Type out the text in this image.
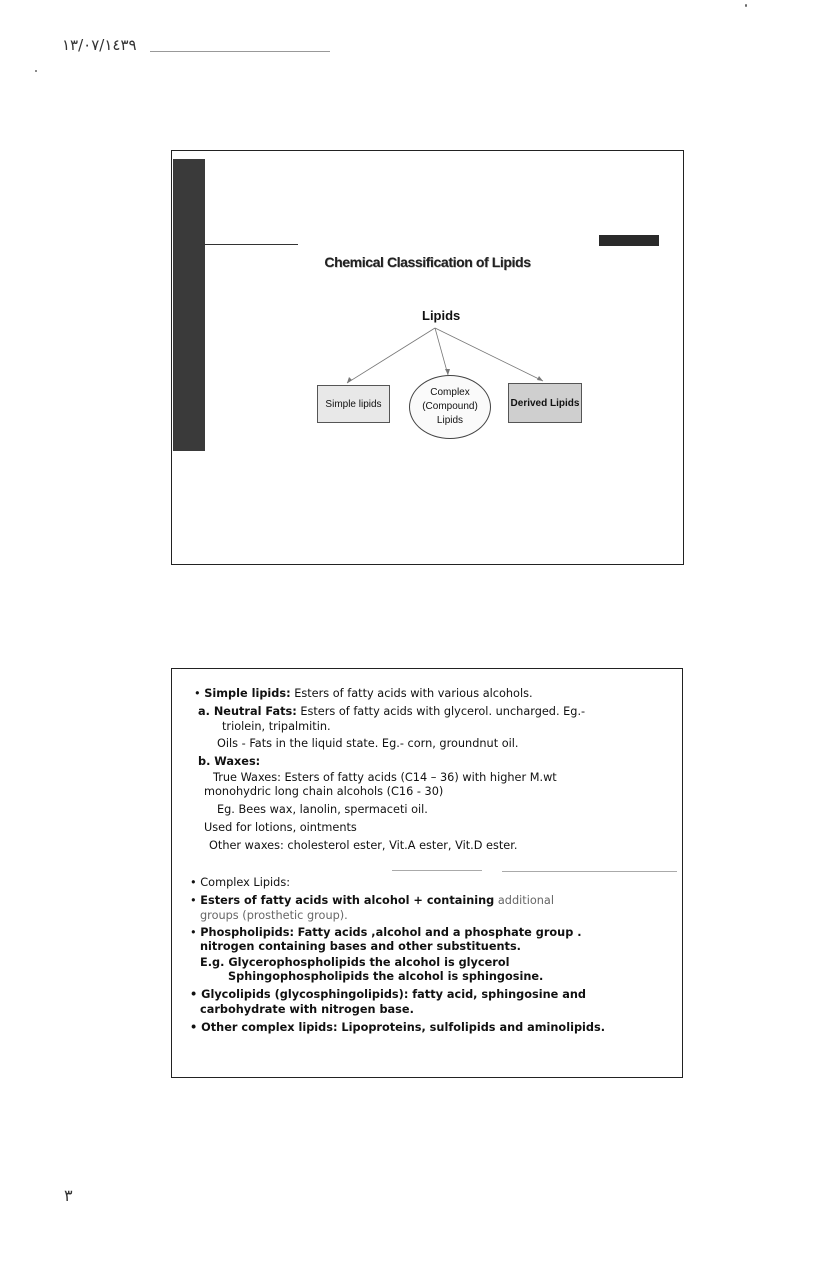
١٣/٠٧/١٤٣٩
Chemical Classification of Lipids
Lipids
Simple lipids
Complex
(Compound)
Lipids
Derived Lipids
• Simple lipids: Esters of fatty acids with various alcohols.
a. Neutral Fats: Esters of fatty acids with glycerol. uncharged. Eg.-
triolein, tripalmitin.
Oils - Fats in the liquid state. Eg.- corn, groundnut oil.
b. Waxes:
True Waxes: Esters of fatty acids (C14 – 36) with higher M.wt
monohydric long chain alcohols (C16 - 30)
Eg. Bees wax, lanolin, spermaceti oil.
Used for lotions, ointments
Other waxes: cholesterol ester, Vit.A ester, Vit.D ester.
• Complex Lipids:
• Esters of fatty acids with alcohol + containing additional
groups (prosthetic group).
• Phospholipids: Fatty acids ,alcohol and a phosphate group .
nitrogen containing bases and other substituents.
E.g. Glycerophospholipids the alcohol is glycerol
Sphingophospholipids the alcohol is sphingosine.
• Glycolipids (glycosphingolipids): fatty acid, sphingosine and
carbohydrate with nitrogen base.
• Other complex lipids: Lipoproteins, sulfolipids and aminolipids.
٣
